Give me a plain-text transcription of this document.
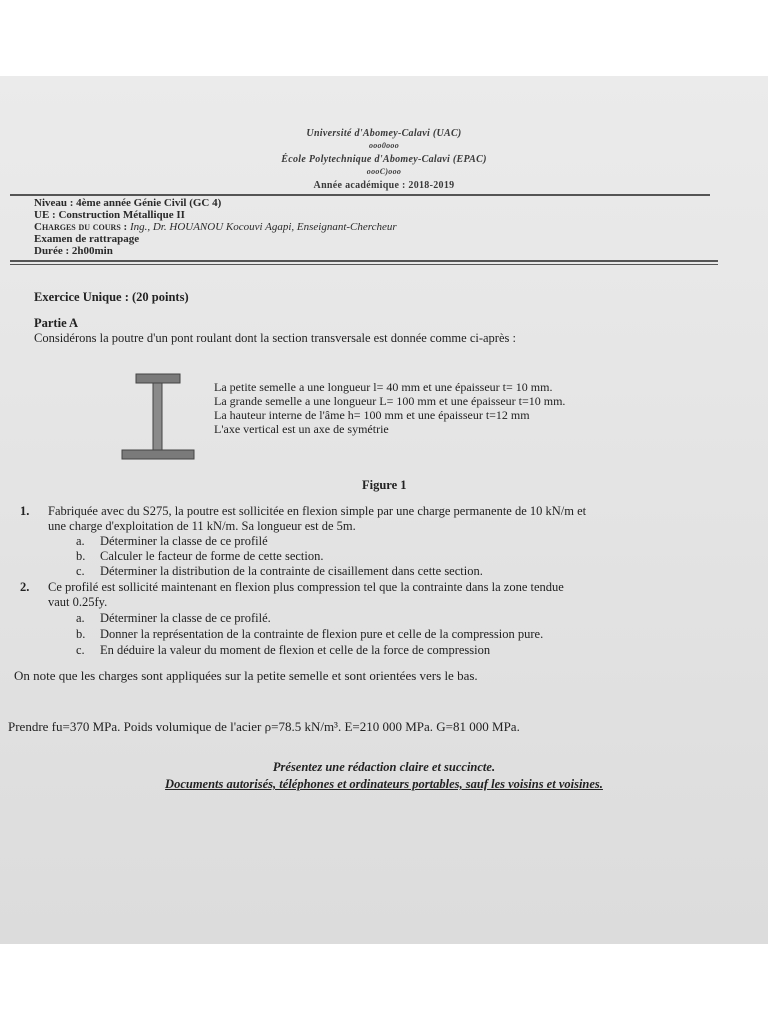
Université d'Abomey-Calavi (UAC)
ooo0ooo
École Polytechnique d'Abomey-Calavi (EPAC)
oooC)ooo
Année académique : 2018-2019
Niveau : 4ème année Génie Civil (GC 4)
UE : Construction Métallique II
Charges du cours : Ing., Dr. HOUANOU Kocouvi Agapi, Enseignant-Chercheur
Examen de rattrapage
Durée : 2h00min
Exercice Unique : (20 points)
Partie A
Considérons la poutre d'un pont roulant dont la section transversale est donnée comme ci-après :
La petite semelle a une longueur l= 40 mm et une épaisseur t= 10 mm.
La grande semelle a une longueur L= 100 mm et une épaisseur t=10 mm.
La hauteur interne de l'âme h= 100 mm et une épaisseur t=12 mm
L'axe vertical est un axe de symétrie
Figure 1
1. Fabriquée avec du S275, la poutre est sollicitée en flexion simple par une charge permanente de 10 kN/m et
une charge d'exploitation de 11 kN/m. Sa longueur est de 5m.
a. Déterminer la classe de ce profilé
b. Calculer le facteur de forme de cette section.
c. Déterminer la distribution de la contrainte de cisaillement dans cette section.
2. Ce profilé est sollicité maintenant en flexion plus compression tel que la contrainte dans la zone tendue
vaut 0.25fy.
a. Déterminer la classe de ce profilé.
b. Donner la représentation de la contrainte de flexion pure et celle de la compression pure.
c. En déduire la valeur du moment de flexion et celle de la force de compression
On note que les charges sont appliquées sur la petite semelle et sont orientées vers le bas.
Prendre fu=370 MPa. Poids volumique de l'acier ρ=78.5 kN/m³. E=210 000 MPa. G=81 000 MPa.
Présentez une rédaction claire et succincte.
Documents autorisés, téléphones et ordinateurs portables, sauf les voisins et voisines.
